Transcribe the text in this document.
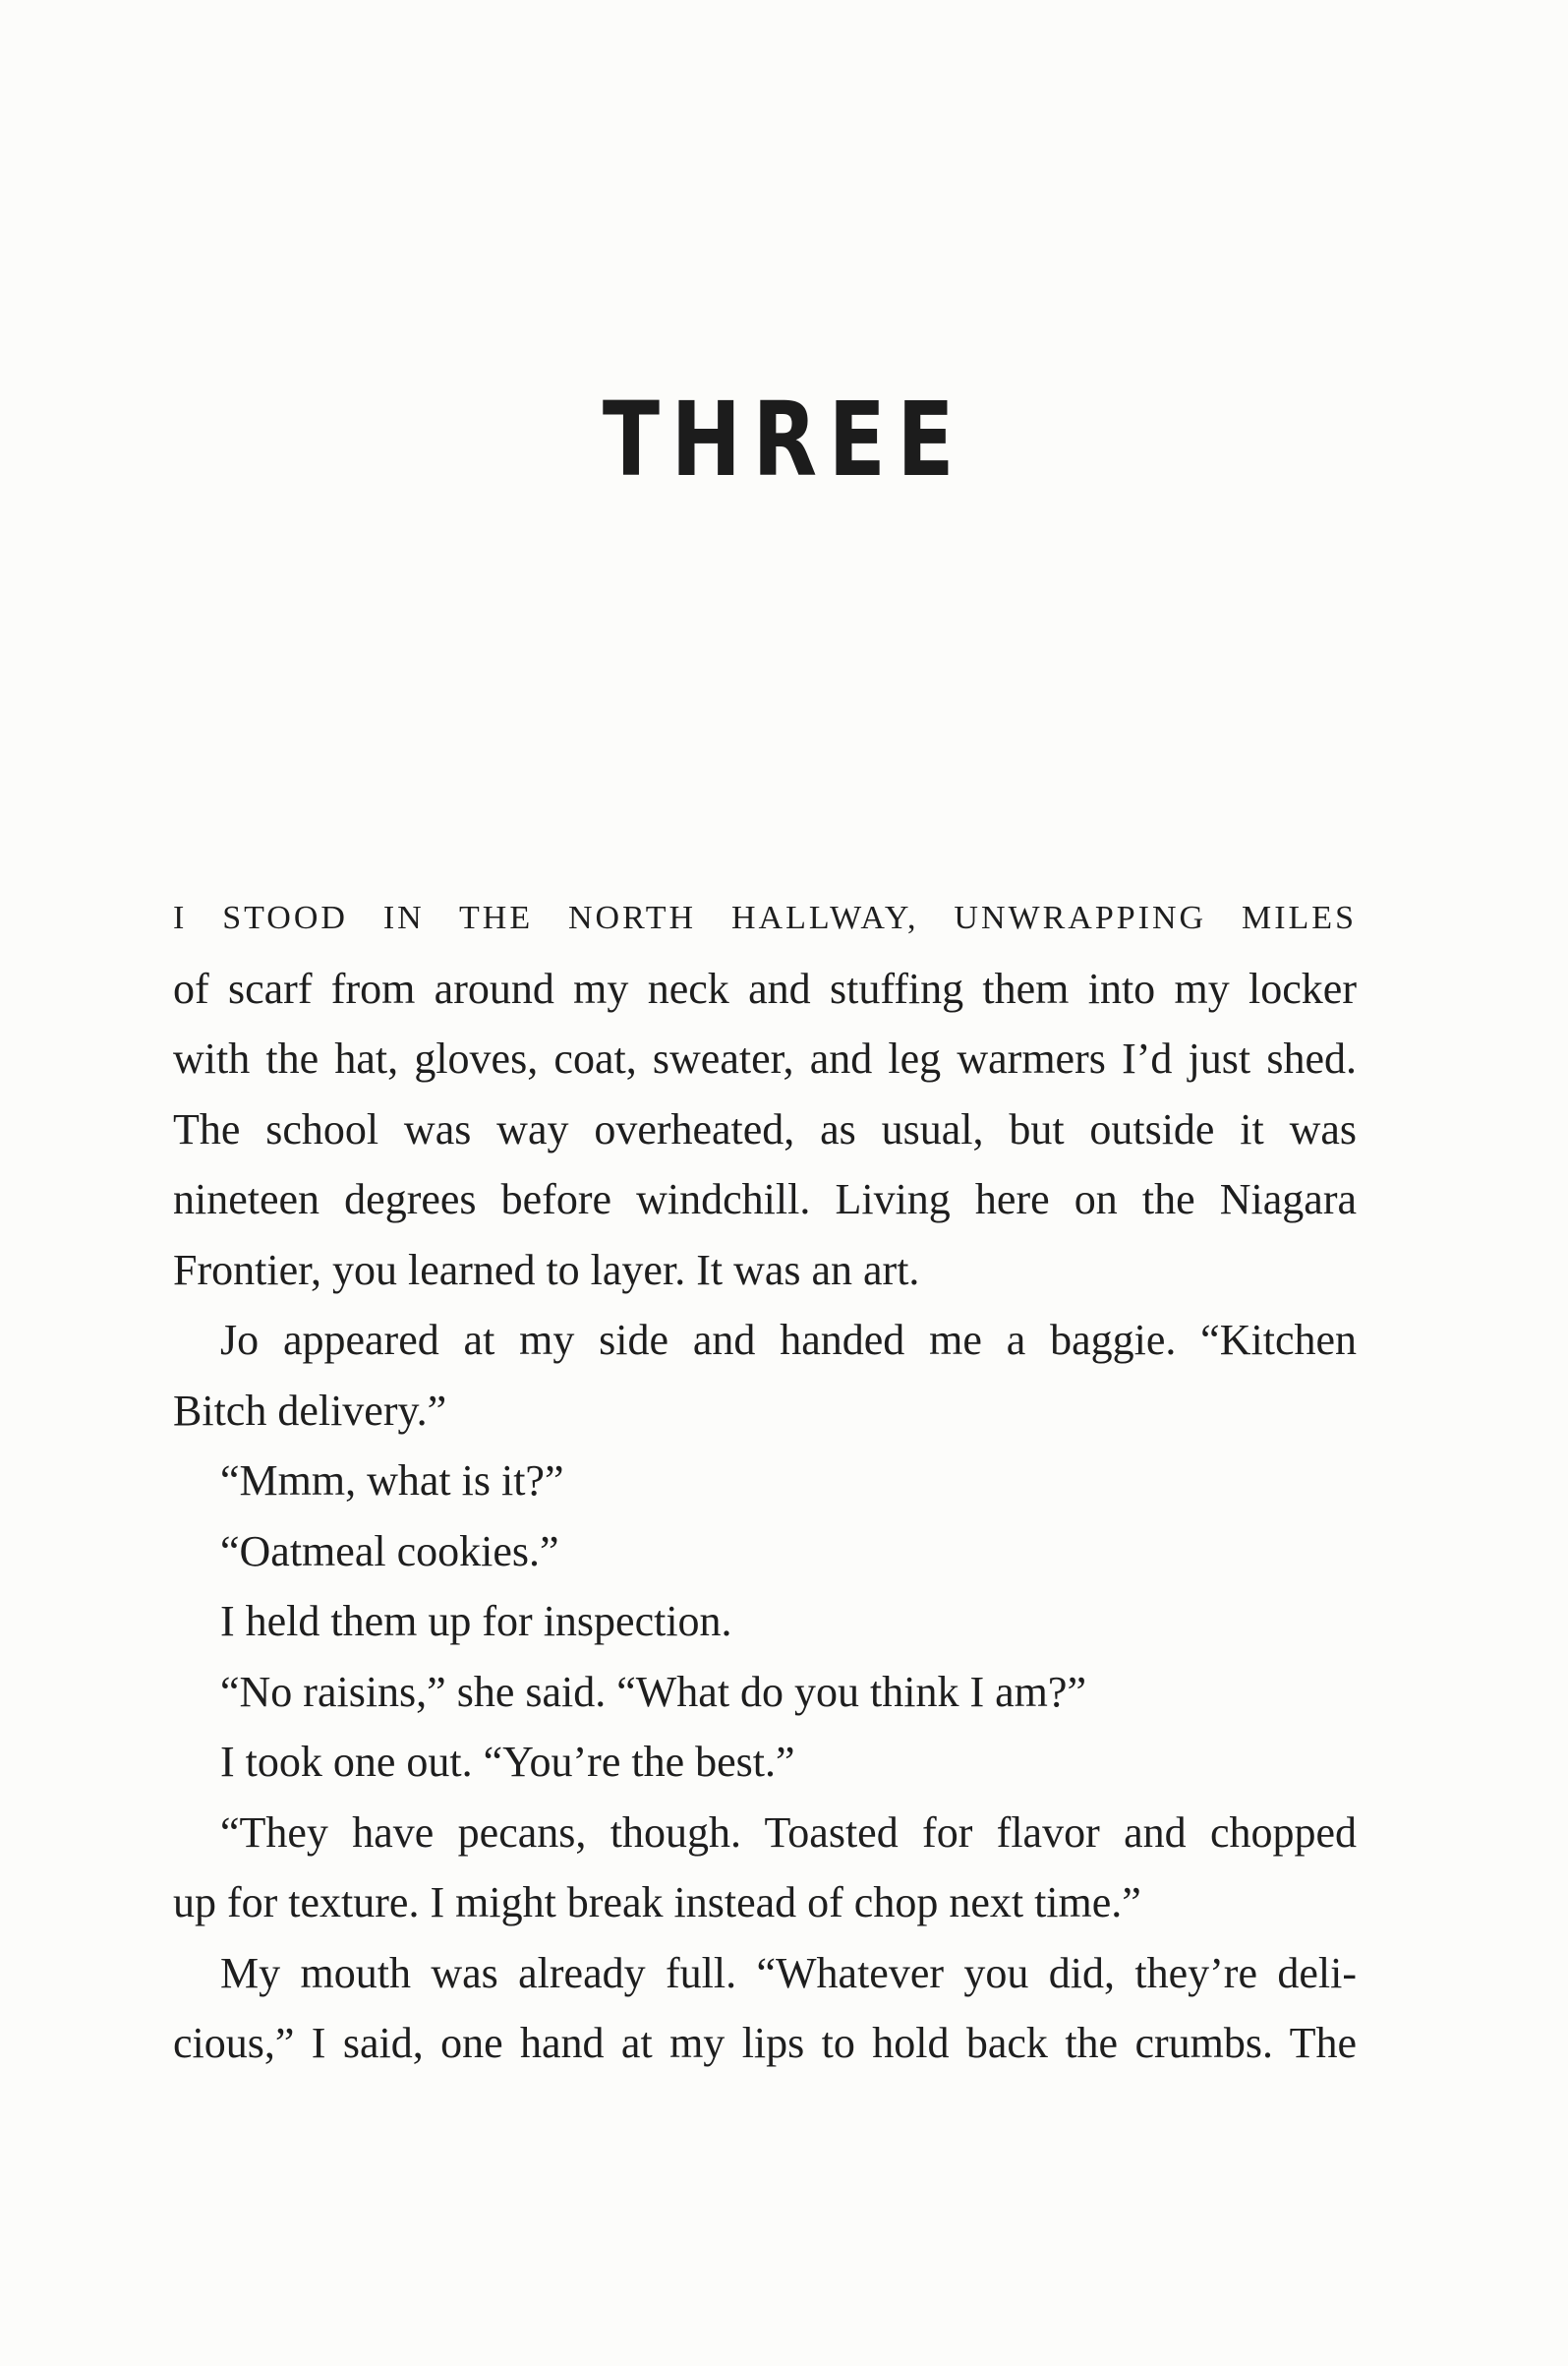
THREE
I STOOD IN THE NORTH HALLWAY, UNWRAPPING MILES
of scarf from around my neck and stuffing them into my locker
with the hat, gloves, coat, sweater, and leg warmers I’d just shed.
The school was way overheated, as usual, but outside it was
nineteen degrees before windchill. Living here on the Niagara
Frontier, you learned to layer. It was an art.
Jo appeared at my side and handed me a baggie. “Kitchen
Bitch delivery.”
“Mmm, what is it?”
“Oatmeal cookies.”
I held them up for inspection.
“No raisins,” she said. “What do you think I am?”
I took one out. “You’re the best.”
“They have pecans, though. Toasted for flavor and chopped
up for texture. I might break instead of chop next time.”
My mouth was already full. “Whatever you did, they’re deli-
cious,” I said, one hand at my lips to hold back the crumbs. The
